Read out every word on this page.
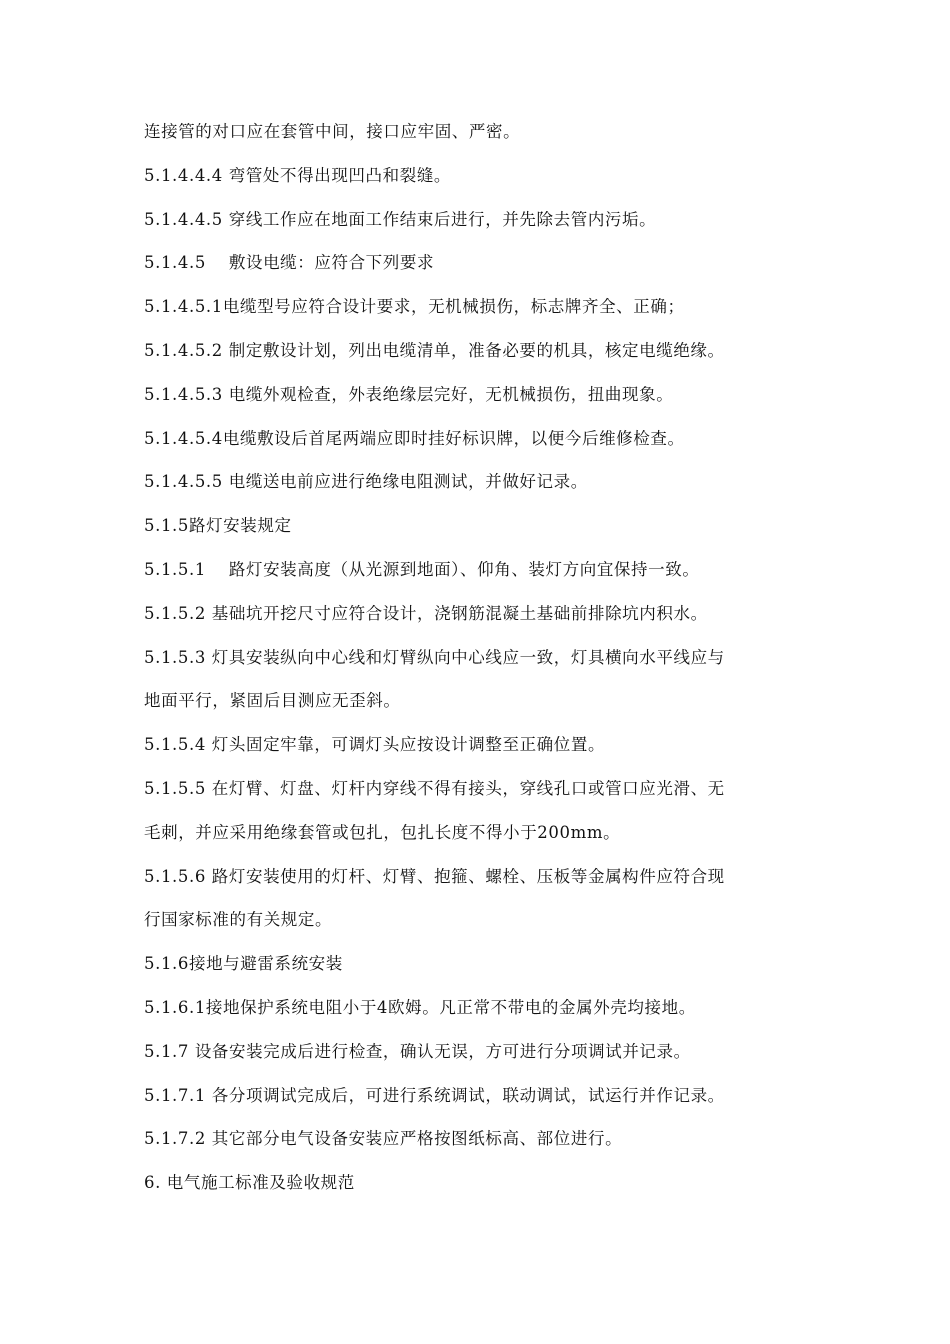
连接管的对口应在套管中间，接口应牢固、严密。
5.1.4.4.4 弯管处不得出现凹凸和裂缝。
5.1.4.4.5 穿线工作应在地面工作结束后进行，并先除去管内污垢。
5.1.4.5　 敷设电缆：应符合下列要求
5.1.4.5.1电缆型号应符合设计要求，无机械损伤，标志牌齐全、正确；
5.1.4.5.2 制定敷设计划，列出电缆清单，准备必要的机具，核定电缆绝缘。
5.1.4.5.3 电缆外观检查，外表绝缘层完好，无机械损伤，扭曲现象。
5.1.4.5.4电缆敷设后首尾两端应即时挂好标识牌，以便今后维修检查。
5.1.4.5.5 电缆送电前应进行绝缘电阻测试，并做好记录。
5.1.5路灯安装规定
5.1.5.1　 路灯安装高度（从光源到地面）、仰角、装灯方向宜保持一致。
5.1.5.2 基础坑开挖尺寸应符合设计，浇钢筋混凝土基础前排除坑内积水。
5.1.5.3 灯具安装纵向中心线和灯臂纵向中心线应一致，灯具横向水平线应与
地面平行，紧固后目测应无歪斜。
5.1.5.4 灯头固定牢靠，可调灯头应按设计调整至正确位置。
5.1.5.5 在灯臂、灯盘、灯杆内穿线不得有接头，穿线孔口或管口应光滑、无
毛刺，并应采用绝缘套管或包扎，包扎长度不得小于200mm。
5.1.5.6 路灯安装使用的灯杆、灯臂、抱箍、螺栓、压板等金属构件应符合现
行国家标准的有关规定。
5.1.6接地与避雷系统安装
5.1.6.1接地保护系统电阻小于4欧姆。凡正常不带电的金属外壳均接地。
5.1.7 设备安装完成后进行检查，确认无误，方可进行分项调试并记录。
5.1.7.1 各分项调试完成后，可进行系统调试，联动调试，试运行并作记录。
5.1.7.2 其它部分电气设备安装应严格按图纸标高、部位进行。
6. 电气施工标准及验收规范
